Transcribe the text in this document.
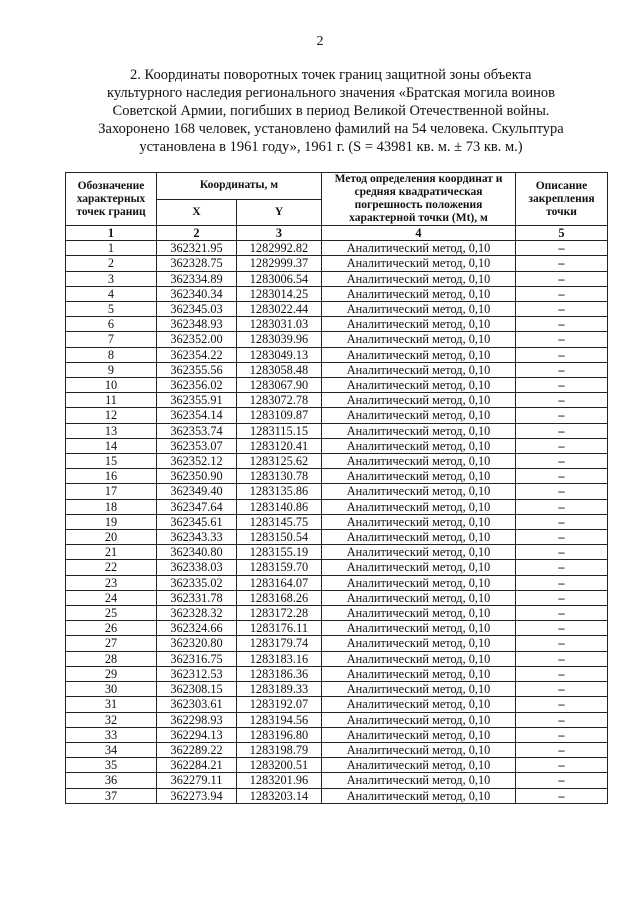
2
2. Координаты поворотных точек границ защитной зоны объекта
культурного наследия регионального значения «Братская могила воинов
Советской Армии, погибших в период Великой Отечественной войны.
Захоронено 168 человек, установлено фамилий на 54 человека. Скульптура
установлена в 1961 году», 1961 г. (S = 43981 кв. м. ± 73 кв. м.)
Обозначение характерных точек границ	Координаты, м		Метод определения координат и средняя квадратическая погрешность положения характерной точки (Mt), м	Описание закрепления точки
	X	Y		
1	2	3	4	5
1	362321.95	1282992.82	Аналитический метод, 0,10	–
2	362328.75	1282999.37	Аналитический метод, 0,10	–
3	362334.89	1283006.54	Аналитический метод, 0,10	–
4	362340.34	1283014.25	Аналитический метод, 0,10	–
5	362345.03	1283022.44	Аналитический метод, 0,10	–
6	362348.93	1283031.03	Аналитический метод, 0,10	–
7	362352.00	1283039.96	Аналитический метод, 0,10	–
8	362354.22	1283049.13	Аналитический метод, 0,10	–
9	362355.56	1283058.48	Аналитический метод, 0,10	–
10	362356.02	1283067.90	Аналитический метод, 0,10	–
11	362355.91	1283072.78	Аналитический метод, 0,10	–
12	362354.14	1283109.87	Аналитический метод, 0,10	–
13	362353.74	1283115.15	Аналитический метод, 0,10	–
14	362353.07	1283120.41	Аналитический метод, 0,10	–
15	362352.12	1283125.62	Аналитический метод, 0,10	–
16	362350.90	1283130.78	Аналитический метод, 0,10	–
17	362349.40	1283135.86	Аналитический метод, 0,10	–
18	362347.64	1283140.86	Аналитический метод, 0,10	–
19	362345.61	1283145.75	Аналитический метод, 0,10	–
20	362343.33	1283150.54	Аналитический метод, 0,10	–
21	362340.80	1283155.19	Аналитический метод, 0,10	–
22	362338.03	1283159.70	Аналитический метод, 0,10	–
23	362335.02	1283164.07	Аналитический метод, 0,10	–
24	362331.78	1283168.26	Аналитический метод, 0,10	–
25	362328.32	1283172.28	Аналитический метод, 0,10	–
26	362324.66	1283176.11	Аналитический метод, 0,10	–
27	362320.80	1283179.74	Аналитический метод, 0,10	–
28	362316.75	1283183.16	Аналитический метод, 0,10	–
29	362312.53	1283186.36	Аналитический метод, 0,10	–
30	362308.15	1283189.33	Аналитический метод, 0,10	–
31	362303.61	1283192.07	Аналитический метод, 0,10	–
32	362298.93	1283194.56	Аналитический метод, 0,10	–
33	362294.13	1283196.80	Аналитический метод, 0,10	–
34	362289.22	1283198.79	Аналитический метод, 0,10	–
35	362284.21	1283200.51	Аналитический метод, 0,10	–
36	362279.11	1283201.96	Аналитический метод, 0,10	–
37	362273.94	1283203.14	Аналитический метод, 0,10	–
